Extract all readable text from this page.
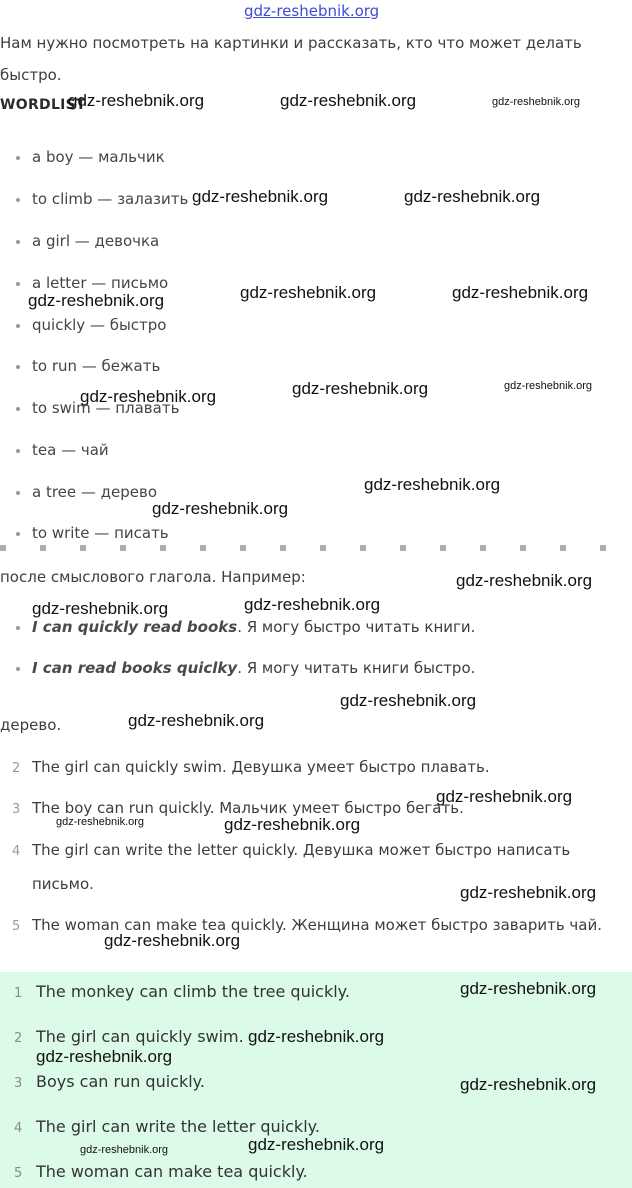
gdz-reshebnik.org
Нам нужно посмотреть на картинки и рассказать, кто что может делать
быстро.
WORDLIST
a boy — мальчик
to climb — залазить
a girl — девочка
a letter — письмо
quickly — быстро
to run — бежать
to swim — плавать
tea — чай
a tree — дерево
to write — писать
после смыслового глагола. Например:
I can quickly read books. Я могу быстро читать книги.
I can read books quiclky. Я могу читать книги быстро.
дерево.
2 The girl can quickly swim. Девушка умеет быстро плавать.
3 The boy can run quickly. Мальчик умеет быстро бегать.
4 The girl can write the letter quickly. Девушка может быстро написать
письмо.
5 The woman can make tea quickly. Женщина может быстро заварить чай.
1 The monkey can climb the tree quickly.
2 The girl can quickly swim.
3 Boys can run quickly.
4 The girl can write the letter quickly.
5 The woman can make tea quickly.
gdz-reshebnik.org	gdz-reshebnik.org	gdz-reshebnik.org
gdz-reshebnik.org	gdz-reshebnik.org
gdz-reshebnik.org	gdz-reshebnik.org	gdz-reshebnik.org
gdz-reshebnik.org	gdz-reshebnik.org	gdz-reshebnik.org
gdz-reshebnik.org
gdz-reshebnik.org
gdz-reshebnik.org
gdz-reshebnik.org	gdz-reshebnik.org
gdz-reshebnik.org
gdz-reshebnik.org
gdz-reshebnik.org
gdz-reshebnik.org	gdz-reshebnik.org
gdz-reshebnik.org
gdz-reshebnik.org
gdz-reshebnik.org
gdz-reshebnik.org
gdz-reshebnik.org
gdz-reshebnik.org
gdz-reshebnik.org	gdz-reshebnik.org
